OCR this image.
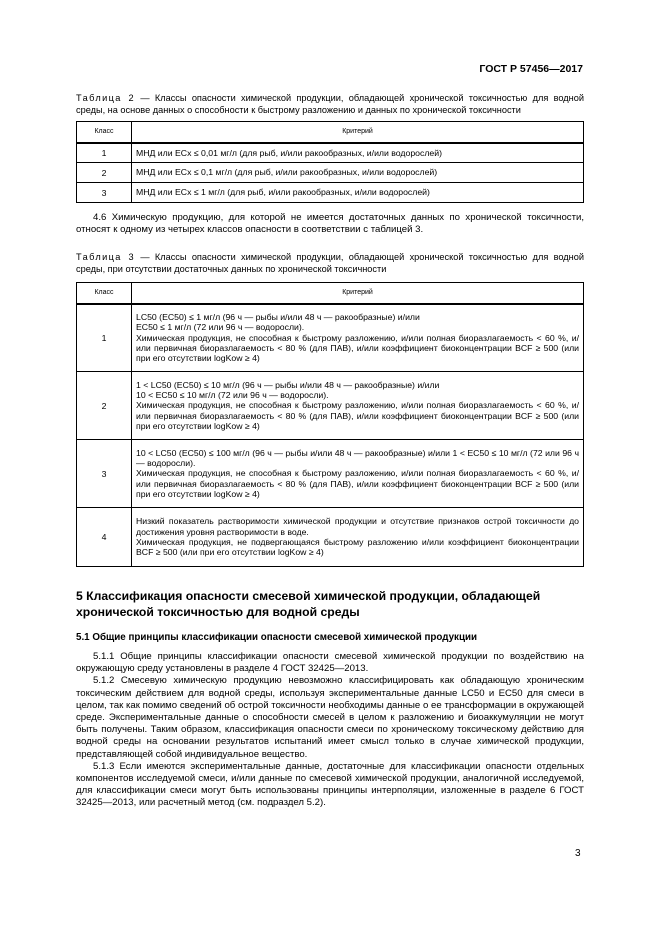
ГОСТ Р 57456—2017
Таблица 2 — Классы опасности химической продукции, обладающей хронической токсичностью для водной среды, на основе данных о способности к быстрому разложению и данных по хронической токсичности
Класс	Критерий
1	МНД или ECx ≤ 0,01 мг/л (для рыб, и/или ракообразных, и/или водорослей)
2	МНД или ECx ≤ 0,1 мг/л (для рыб, и/или ракообразных, и/или водорослей)
3	МНД или ECx ≤ 1 мг/л (для рыб, и/или ракообразных, и/или водорослей)

4.6 Химическую продукцию, для которой не имеется достаточных данных по хронической токсичности, относят к одному из четырех классов опасности в соответствии с таблицей 3.

Таблица 3 — Классы опасности химической продукции, обладающей хронической токсичностью для водной среды, при отсутствии достаточных данных по хронической токсичности
Класс	Критерий
1	LC50 (EC50) ≤ 1 мг/л (96 ч — рыбы и/или 48 ч — ракообразные) и/или
EC50 ≤ 1 мг/л (72 или 96 ч — водоросли).
Химическая продукция, не способная к быстрому разложению, и/или полная биоразлагаемость < 60 %, и/или первичная биоразлагаемость < 80 % (для ПАВ), и/или коэффициент биоконцентрации BCF ≥ 500 (или при его отсутствии logKow ≥ 4)

2	1 < LC50 (EC50) ≤ 10 мг/л (96 ч — рыбы и/или 48 ч — ракообразные) и/или
10 < EC50 ≤ 10 мг/л (72 или 96 ч — водоросли).
Химическая продукция, не способная к быстрому разложению, и/или полная биоразлагаемость < 60 %, и/или первичная биоразлагаемость < 80 % (для ПАВ), и/или коэффициент биоконцентрации BCF ≥ 500 (или при его отсутствии logKow ≥ 4)

3	10 < LC50 (EC50) ≤ 100 мг/л (96 ч — рыбы и/или 48 ч — ракообразные) и/или 1 < EC50 ≤ 10 мг/л (72 или 96 ч — водоросли).
Химическая продукция, не способная к быстрому разложению, и/или полная биоразлагаемость < 60 %, и/или первичная биоразлагаемость < 80 % (для ПАВ), и/или коэффициент биоконцентрации BCF ≥ 500 (или при его отсутствии logKow ≥ 4)

4	Низкий показатель растворимости химической продукции и отсутствие признаков острой токсичности до достижения уровня растворимости в воде.
Химическая продукция, не подвергающаяся быстрому разложению и/или коэффициент биоконцентрации BCF ≥ 500 (или при его отсутствии logKow ≥ 4)
5 Классификация опасности смесевой химической продукции, обладающей хронической токсичностью для водной среды
5.1 Общие принципы классификации опасности смесевой химической продукции

5.1.1 Общие принципы классификации опасности смесевой химической продукции по воздействию на окружающую среду установлены в разделе 4 ГОСТ 32425—2013.

5.1.2 Смесевую химическую продукцию невозможно классифицировать как обладающую хроническим токсическим действием для водной среды, используя экспериментальные данные LC50 и EC50 для смеси в целом, так как помимо сведений об острой токсичности необходимы данные о ее трансформации в окружающей среде. Экспериментальные данные о способности смесей в целом к разложению и биоаккумуляции не могут быть получены. Таким образом, классификация опасности смеси по хроническому токсическому действию для водной среды на основании результатов испытаний имеет смысл только в случае химической продукции, представляющей собой индивидуальное вещество.

5.1.3 Если имеются экспериментальные данные, достаточные для классификации опасности отдельных компонентов исследуемой смеси, и/или данные по смесевой химической продукции, аналогичной исследуемой, для классификации смеси могут быть использованы принципы интерполяции, изложенные в разделе 6 ГОСТ 32425—2013, или расчетный метод (см. подраздел 5.2).

3
